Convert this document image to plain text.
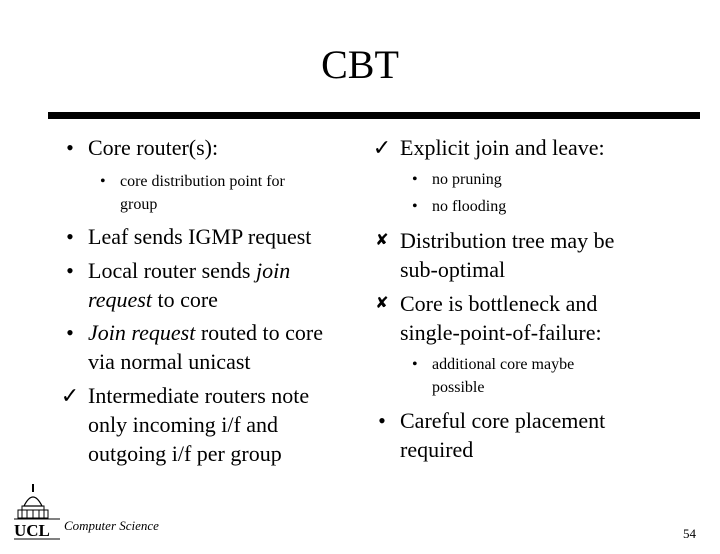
CBT
• Core router(s):
• core distribution point for
group
• Leaf sends IGMP request
• Local router sends join
request to core
• Join request routed to core
via normal unicast
✓ Intermediate routers note
only incoming i/f and
outgoing i/f per group
✓ Explicit join and leave:
• no pruning
• no flooding
✘ Distribution tree may be
sub-optimal
✘ Core is bottleneck and
single-point-of-failure:
• additional core maybe
possible
• Careful core placement
required
UCL Computer Science
54
